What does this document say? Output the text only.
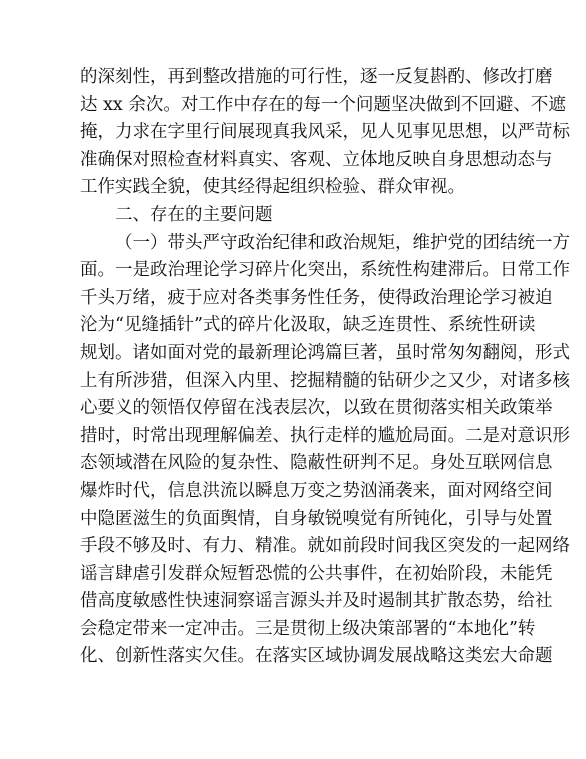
的深刻性，再到整改措施的可行性，逐一反复斟酌、修改打磨
达 xx 余次。对工作中存在的每一个问题坚决做到不回避、不遮
掩，力求在字里行间展现真我风采，见人见事见思想，以严苛标
准确保对照检查材料真实、客观、立体地反映自身思想动态与
工作实践全貌，使其经得起组织检验、群众审视。
二、存在的主要问题
（一）带头严守政治纪律和政治规矩，维护党的团结统一方
面。一是政治理论学习碎片化突出，系统性构建滞后。日常工作
千头万绪，疲于应对各类事务性任务，使得政治理论学习被迫
沦为“见缝插针”式的碎片化汲取，缺乏连贯性、系统性研读
规划。诸如面对党的最新理论鸿篇巨著，虽时常匆匆翻阅，形式
上有所涉猎，但深入内里、挖掘精髓的钻研少之又少，对诸多核
心要义的领悟仅停留在浅表层次，以致在贯彻落实相关政策举
措时，时常出现理解偏差、执行走样的尴尬局面。二是对意识形
态领域潜在风险的复杂性、隐蔽性研判不足。身处互联网信息
爆炸时代，信息洪流以瞬息万变之势汹涌袭来，面对网络空间
中隐匿滋生的负面舆情，自身敏锐嗅觉有所钝化，引导与处置
手段不够及时、有力、精准。就如前段时间我区突发的一起网络
谣言肆虐引发群众短暂恐慌的公共事件，在初始阶段，未能凭
借高度敏感性快速洞察谣言源头并及时遏制其扩散态势，给社
会稳定带来一定冲击。三是贯彻上级决策部署的“本地化”转
化、创新性落实欠佳。在落实区域协调发展战略这类宏大命题
